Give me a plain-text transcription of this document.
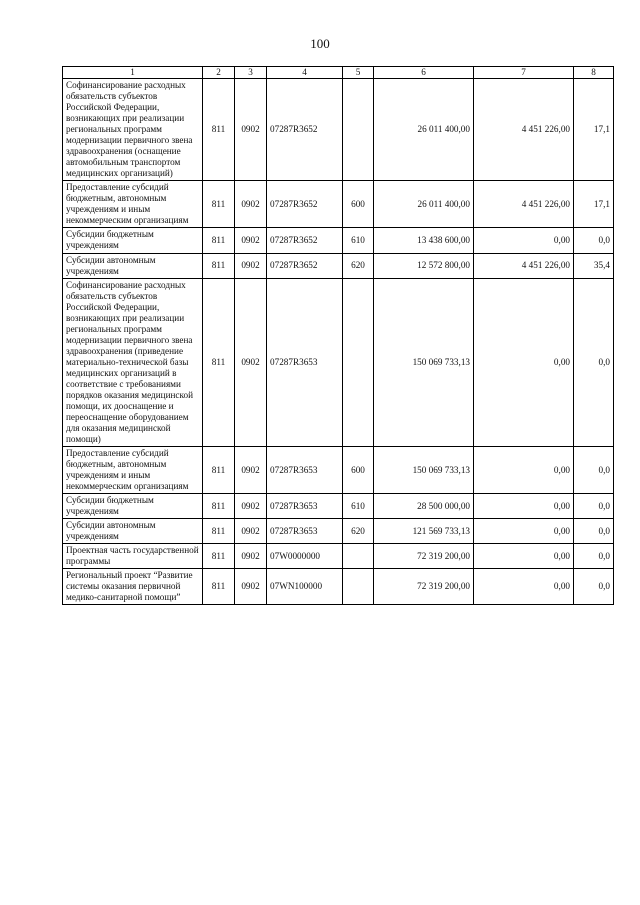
100
1	2	3	4	5	6	7	8
Софинансирование расходных обязательств субъектов Российской Федерации, возникающих при реализации региональных программ модернизации первичного звена здравоохранения (оснащение автомобильным транспортом медицинских организаций)	811	0902	07287R3652		26 011 400,00	4 451 226,00	17,1
Предоставление субсидий бюджетным, автономным учреждениям и иным некоммерческим организациям	811	0902	07287R3652	600	26 011 400,00	4 451 226,00	17,1
Субсидии бюджетным учреждениям	811	0902	07287R3652	610	13 438 600,00	0,00	0,0
Субсидии автономным учреждениям	811	0902	07287R3652	620	12 572 800,00	4 451 226,00	35,4
Софинансирование расходных обязательств субъектов Российской Федерации, возникающих при реализации региональных программ модернизации первичного звена здравоохранения (приведение материально-технической базы медицинских организаций в соответствие с требованиями порядков оказания медицинской помощи, их дооснащение и переоснащение оборудованием для оказания медицинской помощи)	811	0902	07287R3653		150 069 733,13	0,00	0,0
Предоставление субсидий бюджетным, автономным учреждениям и иным некоммерческим организациям	811	0902	07287R3653	600	150 069 733,13	0,00	0,0
Субсидии бюджетным учреждениям	811	0902	07287R3653	610	28 500 000,00	0,00	0,0
Субсидии автономным учреждениям	811	0902	07287R3653	620	121 569 733,13	0,00	0,0
Проектная часть государственной программы	811	0902	07W0000000		72 319 200,00	0,00	0,0
Региональный проект “Развитие системы оказания первичной медико-санитарной помощи”	811	0902	07WN100000		72 319 200,00	0,00	0,0
